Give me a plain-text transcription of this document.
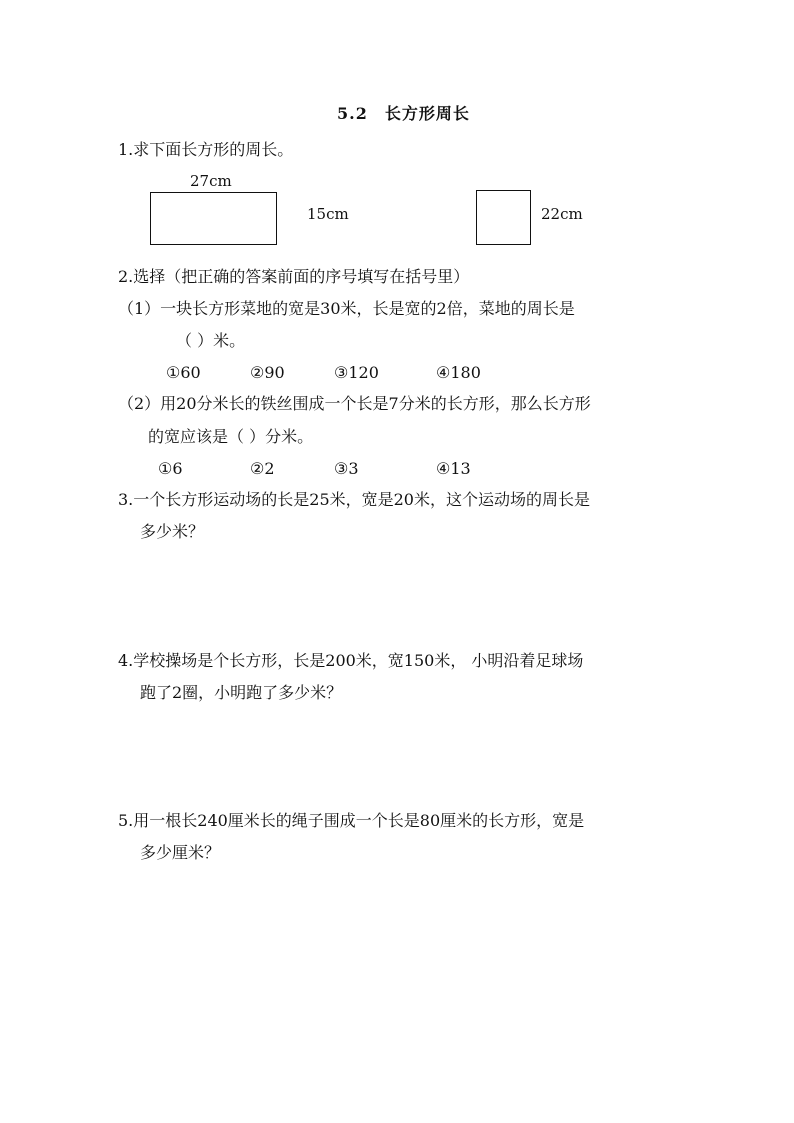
5.2　长方形周长
1.求下面长方形的周长。
27cm
15cm	22cm
2.选择（把正确的答案前面的序号填写在括号里）
（1）一块长方形菜地的宽是30米，长是宽的2倍，菜地的周长是
（ ）米。
①60	②90	③120	④180
（2）用20分米长的铁丝围成一个长是7分米的长方形，那么长方形
的宽应该是（ ）分米。
①6	②2	③3	④13
3.一个长方形运动场的长是25米，宽是20米，这个运动场的周长是
多少米？
4.学校操场是个长方形，长是200米，宽150米， 小明沿着足球场
跑了2圈，小明跑了多少米？
5.用一根长240厘米长的绳子围成一个长是80厘米的长方形，宽是
多少厘米？
